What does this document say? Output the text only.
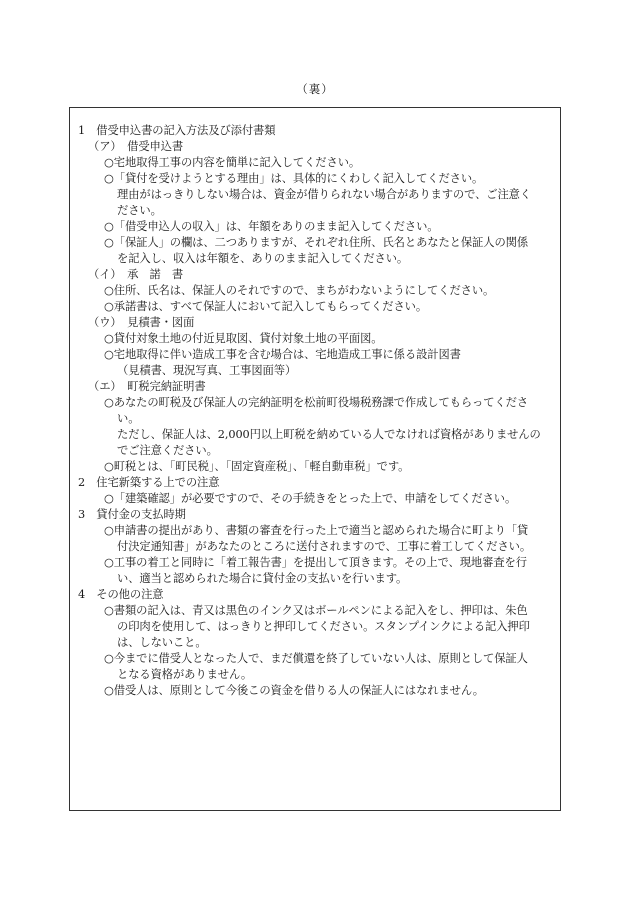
（裏）
1　借受申込書の記入方法及び添付書類
（ア）　借受申込書
○宅地取得工事の内容を簡単に記入してください。
○「貸付を受けようとする理由」は、具体的にくわしく記入してください。
理由がはっきりしない場合は、資金が借りられない場合がありますので、ご注意く
ださい。
○「借受申込人の収入」は、年額をありのまま記入してください。
○「保証人」の欄は、二つありますが、それぞれ住所、氏名とあなたと保証人の関係
を記入し、収入は年額を、ありのまま記入してください。
（イ）　承　諾　書
○住所、氏名は、保証人のそれですので、まちがわないようにしてください。
○承諾書は、すべて保証人において記入してもらってください。
（ウ）　見積書・図面
○貸付対象土地の付近見取図、貸付対象土地の平面図。
○宅地取得に伴い造成工事を含む場合は、宅地造成工事に係る設計図書
（見積書、現況写真、工事図面等）
（エ）　町税完納証明書
○あなたの町税及び保証人の完納証明を松前町役場税務課で作成してもらってくださ
い。
ただし、保証人は、2,000円以上町税を納めている人でなければ資格がありませんの
でご注意ください。
○町税とは、「町民税」、「固定資産税」、「軽自動車税」です。
2　住宅新築する上での注意
○「建築確認」が必要ですので、その手続きをとった上で、申請をしてください。
3　貸付金の支払時期
○申請書の提出があり、書類の審査を行った上で適当と認められた場合に町より「貸
付決定通知書」があなたのところに送付されますので、工事に着工してください。
○工事の着工と同時に「着工報告書」を提出して頂きます。その上で、現地審査を行
い、適当と認められた場合に貸付金の支払いを行います。
4　その他の注意
○書類の記入は、青又は黒色のインク又はボールペンによる記入をし、押印は、朱色
の印肉を使用して、はっきりと押印してください。スタンプインクによる記入押印
は、しないこと。
○今までに借受人となった人で、まだ償還を終了していない人は、原則として保証人
となる資格がありません。
○借受人は、原則として今後この資金を借りる人の保証人にはなれません。
